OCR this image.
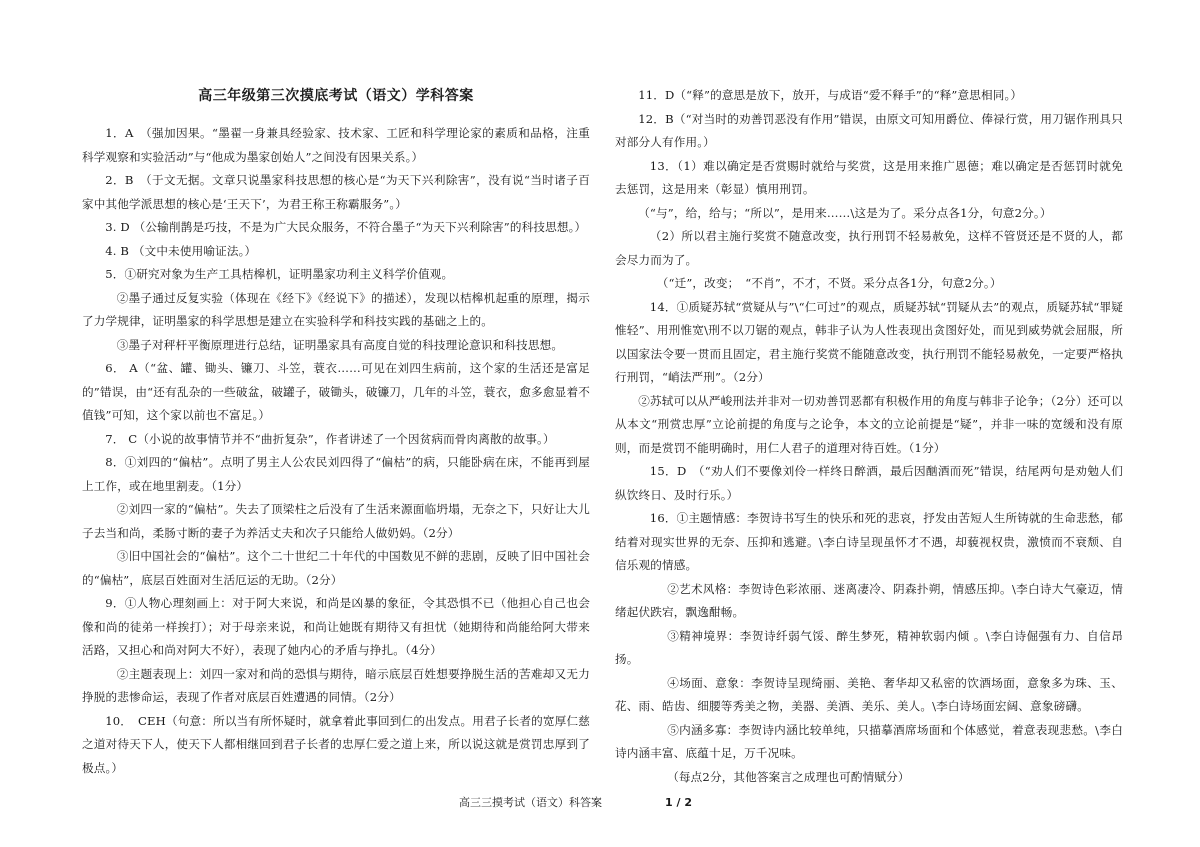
高三年级第三次摸底考试（语文）学科答案

1．A　（强加因果。“墨翟一身兼具经验家、技术家、工匠和科学理论家的素质和品格，注重科学观察和实验活动”与“他成为墨家创始人”之间没有因果关系。）

2．B　（于文无据。文章只说墨家科技思想的核心是“为天下兴利除害”，没有说“当时诸子百家中其他学派思想的核心是‘王天下’，为君王称王称霸服务”。）

3. D （公输削鹊是巧技，不是为广大民众服务，不符合墨子“为天下兴利除害”的科技思想。）

4. B （文中未使用喻证法。）

5．①研究对象为生产工具桔槔机，证明墨家功利主义科学价值观。

②墨子通过反复实验（体现在《经下》《经说下》的描述），发现以桔槔机起重的原理，揭示了力学规律，证明墨家的科学思想是建立在实验科学和科技实践的基础之上的。

③墨子对秤杆平衡原理进行总结，证明墨家具有高度自觉的科技理论意识和科技思想。

6． A（“盆、罐、锄头、镰刀、斗笠，蓑衣……可见在刘四生病前，这个家的生活还是富足的”错误，由“还有乱杂的一些破盆，破罐子，破锄头，破镰刀，几年的斗笠，蓑衣，愈多愈显着不值钱”可知，这个家以前也不富足。）

7． C（小说的故事情节并不“曲折复杂”，作者讲述了一个因贫病而骨肉离散的故事。）

8．①刘四的“偏枯”。点明了男主人公农民刘四得了“偏枯”的病，只能卧病在床，不能再到屋上工作，或在地里割麦。（1分）

②刘四一家的“偏枯”。失去了顶梁柱之后没有了生活来源面临坍塌，无奈之下，只好让大儿子去当和尚，柔肠寸断的妻子为养活丈夫和次子只能给人做奶妈。（2分）

③旧中国社会的“偏枯”。这个二十世纪二十年代的中国数见不鲜的悲剧，反映了旧中国社会的“偏枯”，底层百姓面对生活厄运的无助。（2分）

9．①人物心理刻画上：对于阿大来说，和尚是凶暴的象征，令其恐惧不已（他担心自己也会像和尚的徒弟一样挨打）；对于母亲来说，和尚让她既有期待又有担忧（她期待和尚能给阿大带来活路，又担心和尚对阿大不好），表现了她内心的矛盾与挣扎。（4分）

②主题表现上：刘四一家对和尚的恐惧与期待，暗示底层百姓想要挣脱生活的苦难却又无力挣脱的悲惨命运，表现了作者对底层百姓遭遇的同情。（2分）

10．　CEH（句意：所以当有所怀疑时，就拿着此事回到仁的出发点。用君子长者的宽厚仁慈之道对待天下人，使天下人都相继回到君子长者的忠厚仁爱之道上来，所以说这就是赏罚忠厚到了极点。）

11．D（“释”的意思是放下，放开，与成语“爱不释手”的“释”意思相同。）

12．B（“对当时的劝善罚恶没有作用”错误，由原文可知用爵位、俸禄行赏，用刀锯作刑具只对部分人有作用。）

13．（1）难以确定是否赏赐时就给与奖赏，这是用来推广恩德；难以确定是否惩罚时就免去惩罚，这是用来（彰显）慎用刑罚。

（“与”，给，给与；“所以”，是用来……\这是为了。采分点各1分，句意2分。）

（2）所以君主施行奖赏不随意改变，执行刑罚不轻易赦免，这样不管贤还是不贤的人，都会尽力而为了。

（“迁”，改变；　“不肖”，不才，不贤。采分点各1分，句意2分。）

14．①质疑苏轼“赏疑从与”\“仁可过”的观点，质疑苏轼“罚疑从去”的观点，质疑苏轼“罪疑惟轻”、用刑惟宽\刑不以刀锯的观点，韩非子认为人性表现出贪图好处，而见到威势就会屈服，所以国家法令要一贯而且固定，君主施行奖赏不能随意改变，执行刑罚不能轻易赦免，一定要严格执行刑罚，“峭法严刑”。（2分）

②苏轼可以从严峻刑法并非对一切劝善罚恶都有积极作用的角度与韩非子论争；（2分）还可以从本文“刑赏忠厚”立论前提的角度与之论争，本文的立论前提是“疑”，并非一味的宽缓和没有原则，而是赏罚不能明确时，用仁人君子的道理对待百姓。（1分）

15．D　（“劝人们不要像刘伶一样终日醉酒，最后因酗酒而死”错误，结尾两句是劝勉人们纵饮终日、及时行乐。）

16．①主题情感：李贺诗书写生的快乐和死的悲哀，抒发由苦短人生所铸就的生命悲愁，郁结着对现实世界的无奈、压抑和逃避。\李白诗呈现虽怀才不遇，却藐视权贵，激愤而不衰颓、自信乐观的情感。

②艺术风格：李贺诗色彩浓丽、迷离凄冷、阴森扑朔，情感压抑。\李白诗大气豪迈，情绪起伏跌宕，飘逸酣畅。

③精神境界：李贺诗纤弱气馁、醉生梦死，精神软弱内倾 。\李白诗倔强有力、自信昂扬。

④场面、意象：李贺诗呈现绮丽、美艳、奢华却又私密的饮酒场面，意象多为珠、玉、花、雨、皓齿、细腰等秀美之物，美器、美酒、美乐、美人。\李白诗场面宏阔、意象磅礴。

⑤内涵多寡：李贺诗内涵比较单纯，只描摹酒席场面和个体感觉，着意表现悲愁。\李白诗内涵丰富、底蕴十足，万千况味。

（每点2分，其他答案言之成理也可酌情赋分）

高三三摸考试（语文）科答案	1 / 2
